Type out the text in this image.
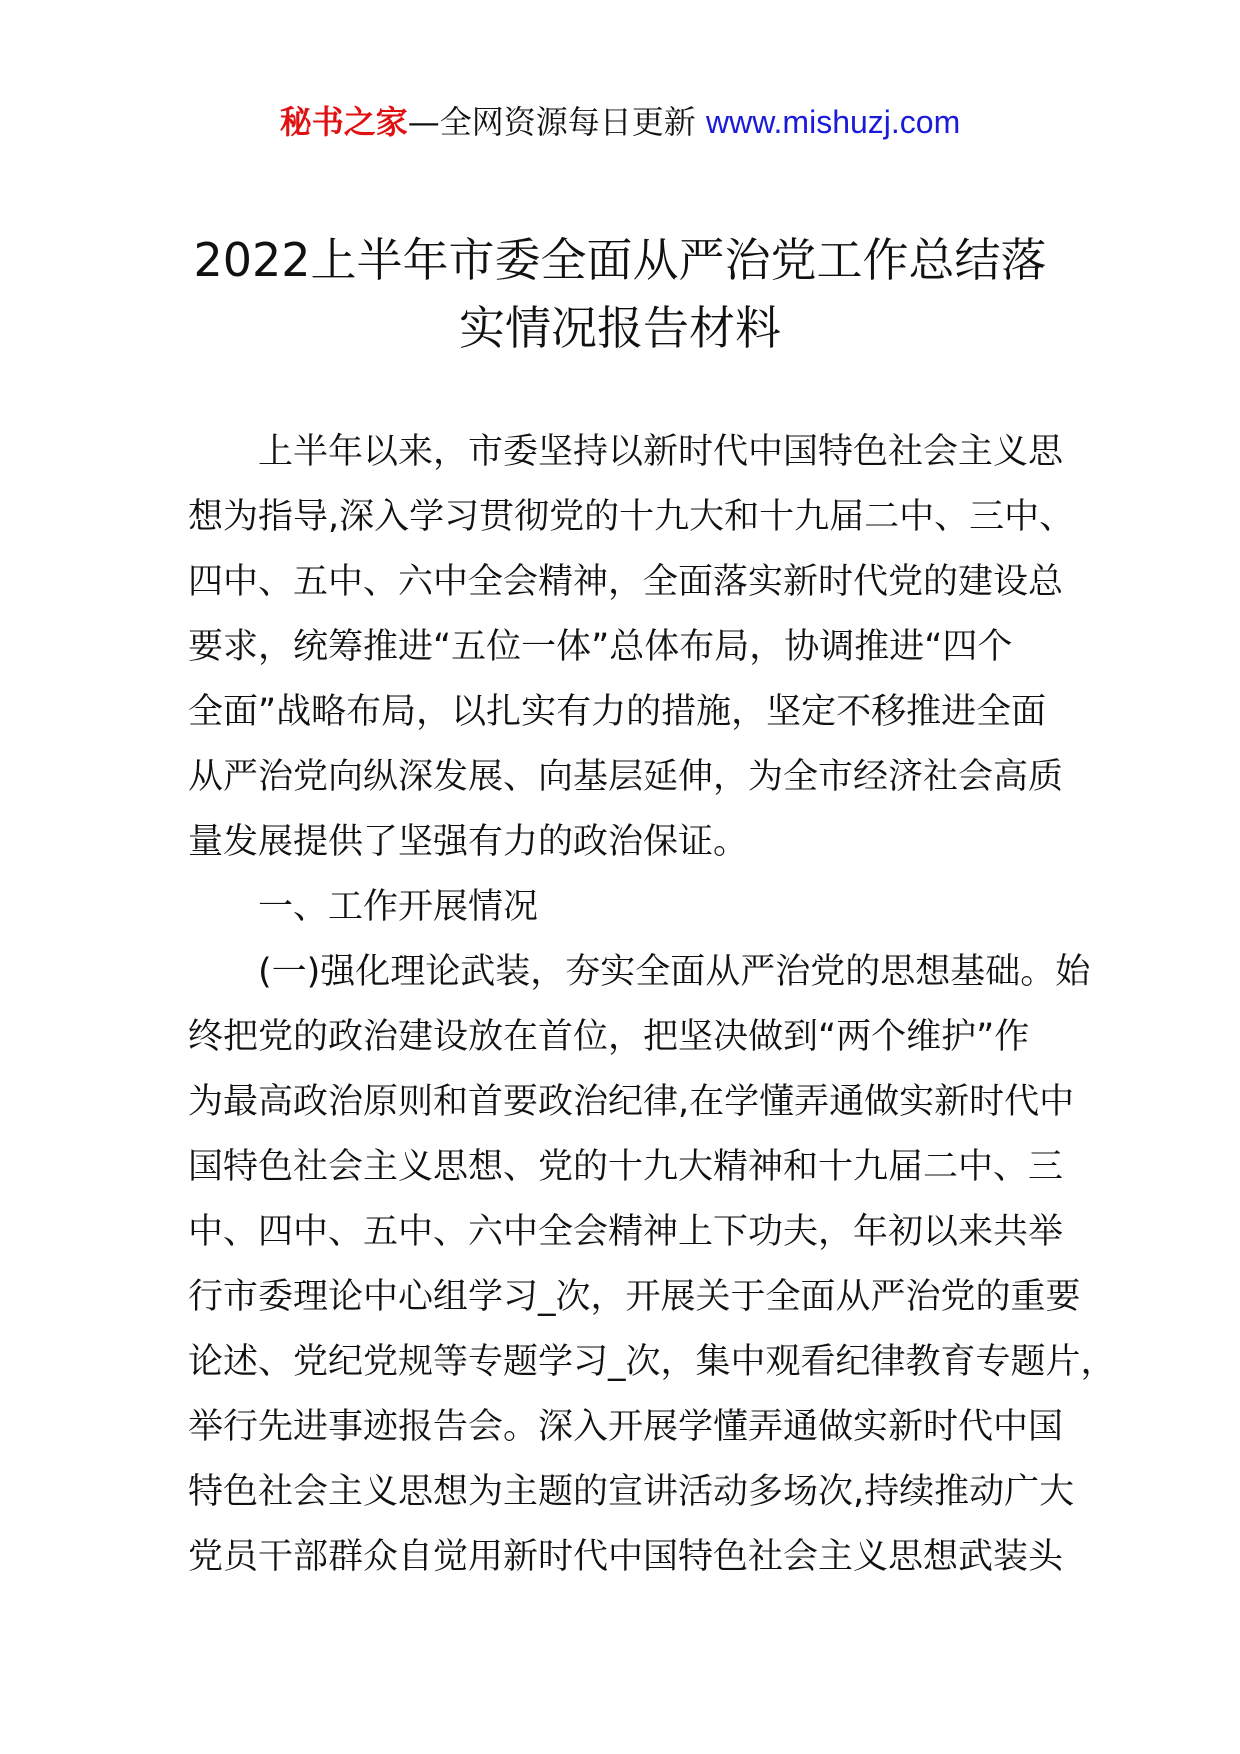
秘书之家—全网资源每日更新 www.mishuzj.com
2022上半年市委全面从严治党工作总结落
实情况报告材料
上半年以来，市委坚持以新时代中国特色社会主义思
想为指导,深入学习贯彻党的十九大和十九届二中、三中、
四中、五中、六中全会精神，全面落实新时代党的建设总
要求，统筹推进“五位一体”总体布局，协调推进“四个
全面”战略布局，以扎实有力的措施，坚定不移推进全面
从严治党向纵深发展、向基层延伸，为全市经济社会高质
量发展提供了坚强有力的政治保证。
一、工作开展情况
(一)强化理论武装，夯实全面从严治党的思想基础。始
终把党的政治建设放在首位，把坚决做到“两个维护”作
为最高政治原则和首要政治纪律,在学懂弄通做实新时代中
国特色社会主义思想、党的十九大精神和十九届二中、三
中、四中、五中、六中全会精神上下功夫，年初以来共举
行市委理论中心组学习_次，开展关于全面从严治党的重要
论述、党纪党规等专题学习_次，集中观看纪律教育专题片，
举行先进事迹报告会。深入开展学懂弄通做实新时代中国
特色社会主义思想为主题的宣讲活动多场次,持续推动广大
党员干部群众自觉用新时代中国特色社会主义思想武装头
